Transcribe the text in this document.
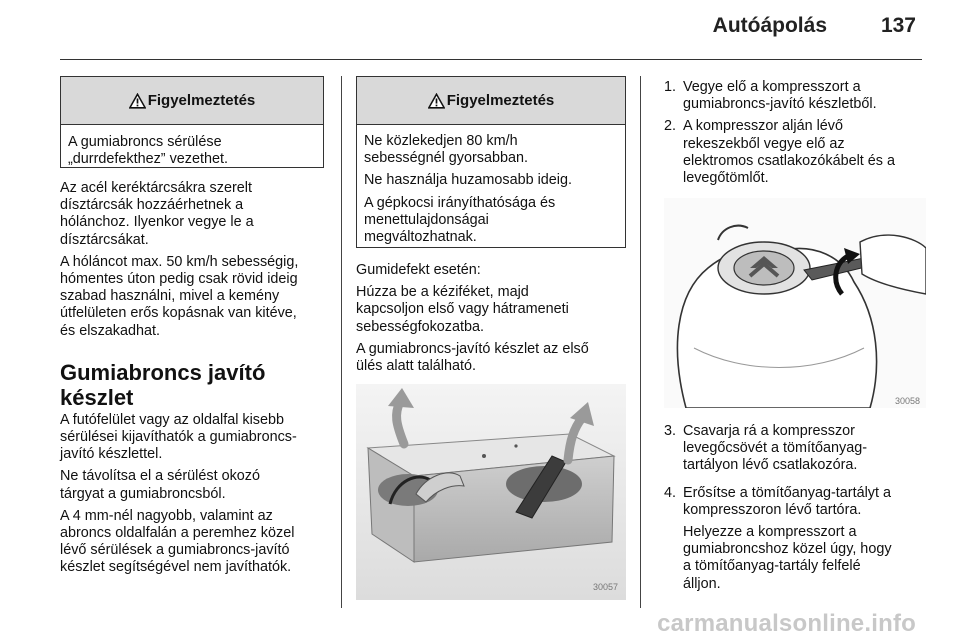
Autóápolás	137
Figyelmeztetés
A gumiabroncs sérülése
„durrdefekthez” vezethet.
Az acél keréktárcsákra szerelt
dísztárcsák hozzáérhetnek a
hólánchoz. Ilyenkor vegye le a
dísztárcsákat.
A hóláncot max. 50 km/h sebességig,
hómentes úton pedig csak rövid ideig
szabad használni, mivel a kemény
útfelületen erős kopásnak van kitéve,
és elszakadhat.
Gumiabroncs javító
készlet
A futófelület vagy az oldalfal kisebb
sérülései kijavíthatók a gumiabroncs-
javító készlettel.
Ne távolítsa el a sérülést okozó
tárgyat a gumiabroncsból.
A 4 mm-nél nagyobb, valamint az
abroncs oldalfalán a peremhez közel
lévő sérülések a gumiabroncs-javító
készlet segítségével nem javíthatók.
Figyelmeztetés
Ne közlekedjen 80 km/h
sebességnél gyorsabban.
Ne használja huzamosabb ideig.
A gépkocsi irányíthatósága és
menettulajdonságai
megváltozhatnak.
Gumidefekt esetén:
Húzza be a kéziféket, majd
kapcsoljon első vagy hátrameneti
sebességfokozatba.
A gumiabroncs-javító készlet az első
ülés alatt található.
30057
1. Vegye elő a kompresszort a
gumiabroncs-javító készletből.
2. A kompresszor alján lévő
rekeszekből vegye elő az
elektromos csatlakozókábelt és a
levegőtömlőt.
30058
3. Csavarja rá a kompresszor
levegőcsövét a tömítőanyag-
tartályon lévő csatlakozóra.
4. Erősítse a tömítőanyag-tartályt a
kompresszoron lévő tartóra.
Helyezze a kompresszort a
gumiabroncshoz közel úgy, hogy
a tömítőanyag-tartály felfelé
álljon.
carmanualsonline.info
